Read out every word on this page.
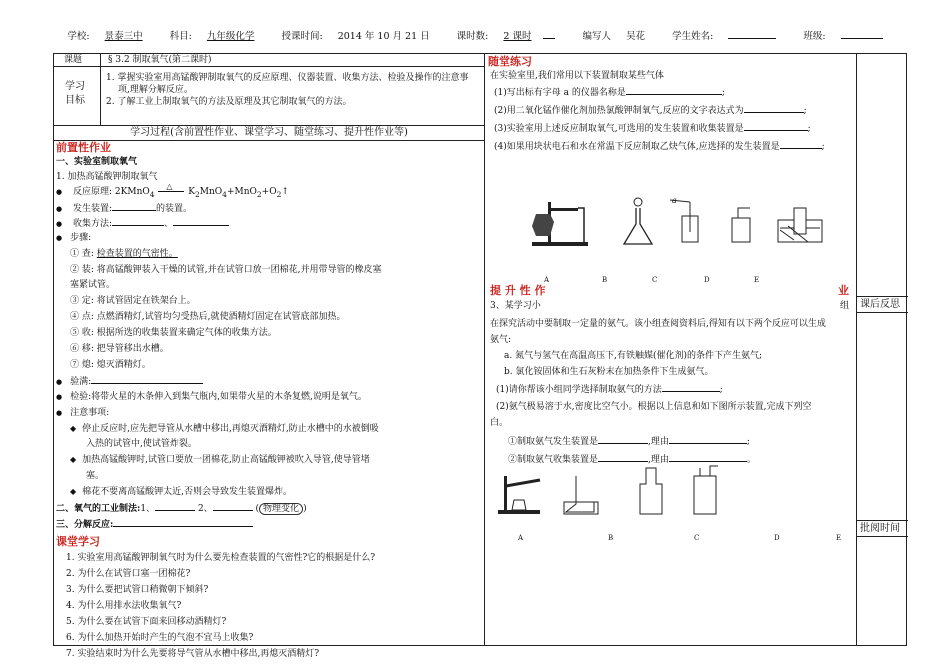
学校: 景泰三中	科目: 九年级化学	授课时间: 2014 年 10 月 21 日	课时数: 2 课时	编写人 吴花	学生姓名:	班级:
课题	§ 3.2 制取氧气(第二课时)
学习
目标
1. 掌握实验室用高锰酸钾制取氧气的反应原理、仪器装置、收集方法、检验及操作的注意事
项,理解分解反应。
2. 了解工业上制取氧气的方法及原理及其它制取氧气的方法。
学习过程(含前置性作业、课堂学习、随堂练习、提升性作业等)
前置性作业
一、实验室制取氧气
1. 加热高锰酸钾制取氧气
● 反应原理: 2KMnO$_4$
△
$K_2MnO_4+MnO_2+O_2↑$
● 发生装置:	的装置。
● 收集方法:	、
● 步骤:
① 查: 检查装置的气密性。
② 装: 将高锰酸钾装入干燥的试管,并在试管口放一团棉花,并用带导管的橡皮塞
塞紧试管。
③ 定: 将试管固定在铁架台上。
④ 点: 点燃酒精灯,试管均匀受热后,就使酒精灯固定在试管底部加热。
⑤ 收: 根据所选的收集装置来确定气体的收集方法。
⑥ 移: 把导管移出水槽。
⑦ 熄: 熄灭酒精灯。
● 验满:
● 检验:将带火星的木条伸入到集气瓶内,如果带火星的木条复燃,说明是氧气。
● 注意事项:
◆ 停止反应时,应先把导管从水槽中移出,再熄灭酒精灯,防止水槽中的水被倒吸
入热的试管中,使试管炸裂。
◆ 加热高锰酸钾时,试管口要放一团棉花,防止高锰酸钾被吹入导管,使导管堵
塞。
◆ 棉花不要离高锰酸钾太近,否则会导致发生装置爆炸。
二、氧气的工业制法:1、	2、	( 物理变化 )
三、分解反应:
课堂学习
1. 实验室用高锰酸钾制氧气时为什么要先检查装置的气密性?它的根据是什么?
2. 为什么在试管口塞一团棉花?
3. 为什么要把试管口稍微朝下倾斜?
4. 为什么用排水法收集氧气?
5. 为什么要在试管下面来回移动酒精灯?
6. 为什么加热开始时产生的气泡不宜马上收集?
7. 实验结束时为什么先要将导气管从水槽中移出,再熄灭酒精灯?
随堂练习
在实验室里,我们常用以下装置制取某些气体
(1)写出标有字母 a 的仪器名称是	;
(2)用二氧化锰作催化剂加热氯酸钾制氧气,反应的文字表达式为	;
(3)实验室用上述反应制取氧气,可选用的发生装置和收集装置是	;
(4)如果用块状电石和水在常温下反应制取乙炔气体,应选择的发生装置是	;
a
A	B	C	D	E
提 升 性 作	业
3、某学习小	组
在探究活动中要制取一定量的氨气。该小组查阅资料后,得知有以下两个反应可以生成
氨气:
a. 氮气与氢气在高温高压下,有铁触媒(催化剂)的条件下产生氨气;
b. 氯化铵固体和生石灰粉末在加热条件下生成氨气。
(1)请你帮该小组同学选择制取氨气的方法	;
(2)氨气极易溶于水,密度比空气小。根据以上信息和如下图所示装置,完成下列空
白。
①制取氨气发生装置是	,理由	;
②制取氨气收集装置是	,理由	。
A	B	C	D	E
课后反思
批阅时间
